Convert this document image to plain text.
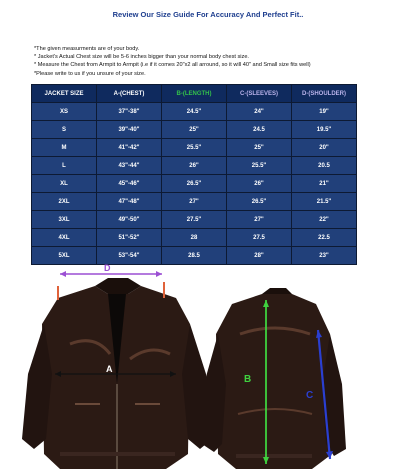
Review Our Size Guide For Accuracy And Perfect Fit..
*The given measurments are of your body.
* Jacket's Actual Chest size will be 5-6 inches bigger than your normal body chest size.
* Measure the Chest from Armpit to Armpit (i.e if it comes 20"x2 all arround, so it will 40" and Small size fits well)
*Please write to us if you unsure of your size.
JACKET SIZE	A-(CHEST)	B-(LENGTH)	C-(SLEEVES)	D-(SHOULDER)
XS	37"-38"	24.5"	24"	19"
S	39"-40"	25"	24.5	19.5"
M	41"-42"	25.5"	25"	20"
L	43"-44"	26"	25.5"	20.5
XL	45"-46"	26.5"	26"	21"
2XL	47"-48"	27"	26.5"	21.5"
3XL	49"-50"	27.5"	27"	22"
4XL	51"-52"	28	27.5	22.5
5XL	53"-54"	28.5	28"	23"
D
A
B
C
